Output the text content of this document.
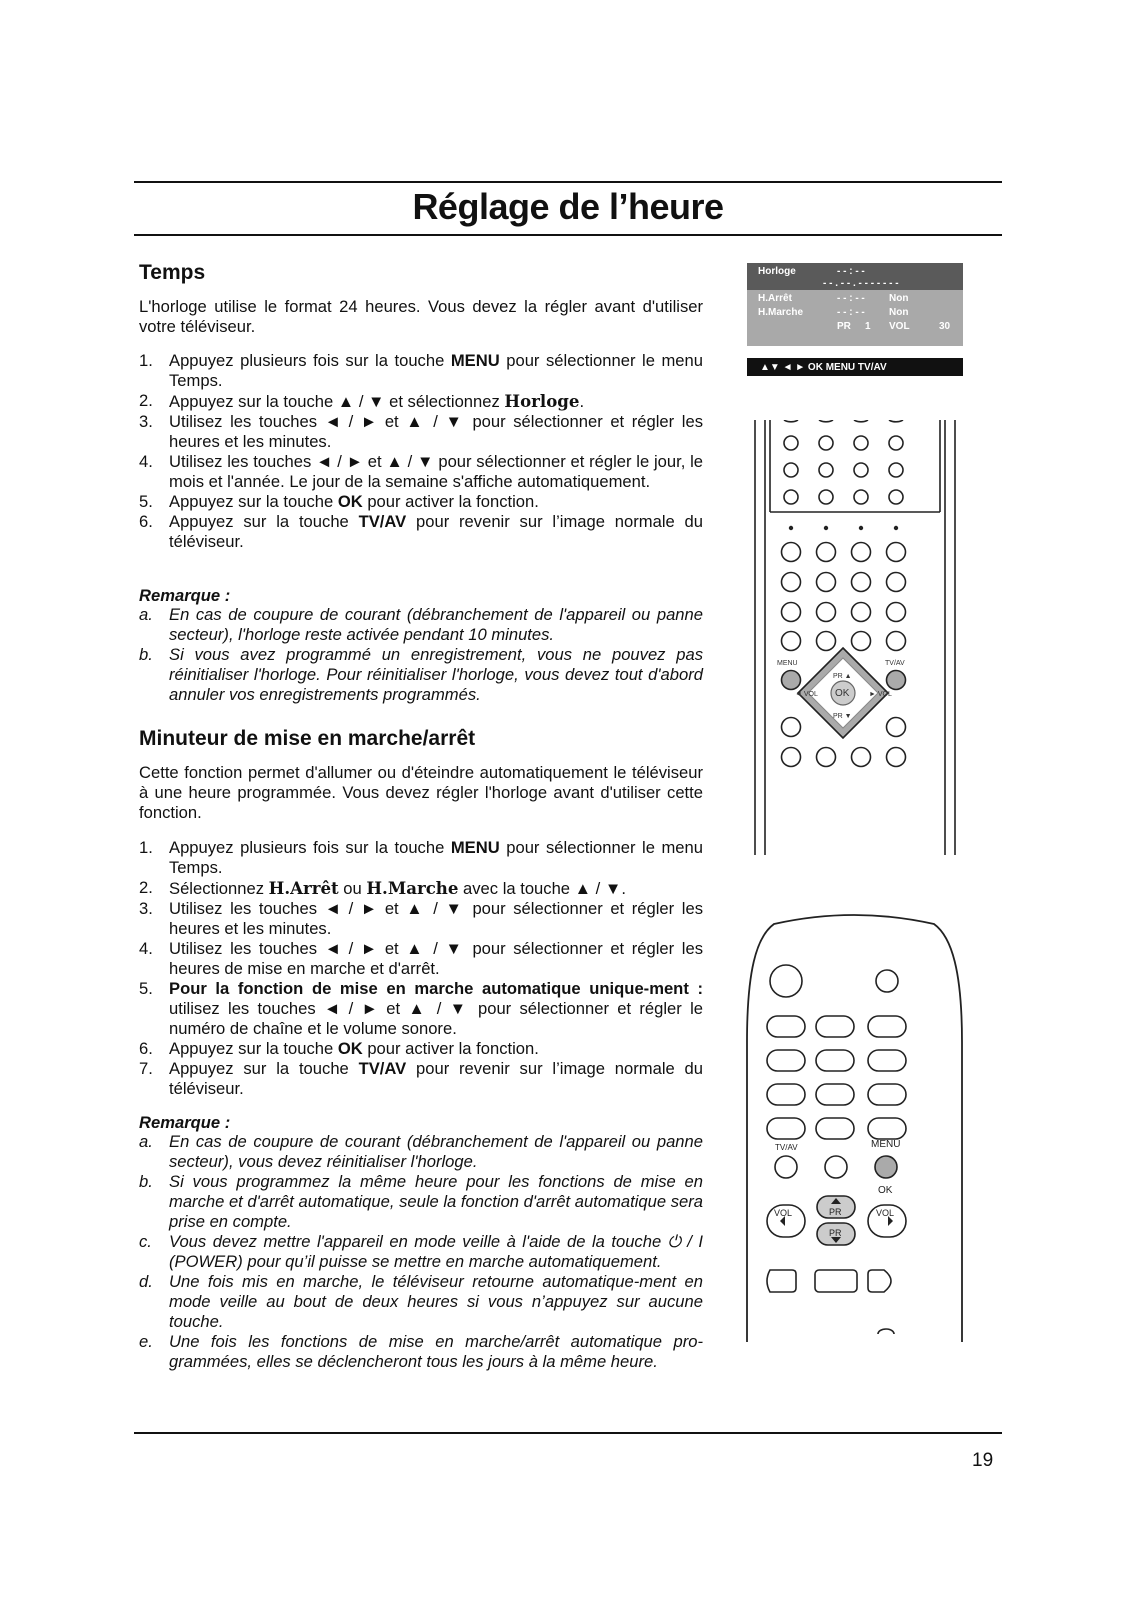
Réglage de l’heure
Temps
L'horloge utilise le format 24 heures. Vous devez la régler avant d'utiliser votre téléviseur.
1. Appuyez plusieurs fois sur la touche MENU pour sélectionner le menu Temps.
2. Appuyez sur la touche ▲ / ▼ et sélectionnez Horloge.
3. Utilisez les touches ◄ / ► et ▲ / ▼ pour sélectionner et régler les heures et les minutes.
4. Utilisez les touches ◄ / ► et ▲ / ▼ pour sélectionner et régler le jour, le mois et l'année. Le jour de la semaine s'affiche automatiquement.
5. Appuyez sur la touche OK pour activer la fonction.
6. Appuyez sur la touche TV/AV pour revenir sur l’image normale du téléviseur.
Remarque :
a. En cas de coupure de courant (débranchement de l'appareil ou panne secteur), l'horloge reste activée pendant 10 minutes.
b. Si vous avez programmé un enregistrement, vous ne pouvez pas réinitialiser l'horloge. Pour réinitialiser l'horloge, vous devez tout d'abord annuler vos enregistrements programmés.
Minuteur de mise en marche/arrêt
Cette fonction permet d'allumer ou d'éteindre automatiquement le téléviseur à une heure programmée. Vous devez régler l'horloge avant d'utiliser cette fonction.
1. Appuyez plusieurs fois sur la touche MENU pour sélectionner le menu Temps.
2. Sélectionnez H.Arrêt ou H.Marche avec la touche ▲ / ▼.
3. Utilisez les touches ◄ / ► et ▲ / ▼ pour sélectionner et régler les heures et les minutes.
4. Utilisez les touches ◄ / ► et ▲ / ▼ pour sélectionner et régler les heures de mise en marche et d'arrêt.
5. Pour la fonction de mise en marche automatique unique-ment : utilisez les touches ◄ / ► et ▲ / ▼ pour sélectionner et régler le numéro de chaîne et le volume sonore.
6. Appuyez sur la touche OK pour activer la fonction.
7. Appuyez sur la touche TV/AV pour revenir sur l’image normale du téléviseur.
Remarque :
a. En cas de coupure de courant (débranchement de l'appareil ou panne secteur), vous devez réinitialiser l'horloge.
b. Si vous programmez la même heure pour les fonctions de mise en marche et d'arrêt automatique, seule la fonction d'arrêt automatique sera prise en compte.
c. Vous devez mettre l'appareil en mode veille à l'aide de la touche ⏻ / I (POWER) pour qu’il puisse se mettre en marche automatiquement.
d. Une fois mis en marche, le téléviseur retourne automatique-ment en mode veille au bout de deux heures si vous n’appuyez sur aucune touche.
e. Une fois les fonctions de mise en marche/arrêt automatique pro-grammées, elles se déclencheront tous les jours à la même heure.
Horloge	- - : - -
- - . - - . - - - - - - -
H.Arrêt	- - : - - Non
H.Marche	- - : - - Non
PR 1 VOL	30
▲▼ ◄ ► OK MENU TV/AV
MENU	TV/AV
PR ▲
PR ▼
◄ VOL	► VOL
OK
TV/AV	MENU
OK
PR
PR
VOL	VOL
19
